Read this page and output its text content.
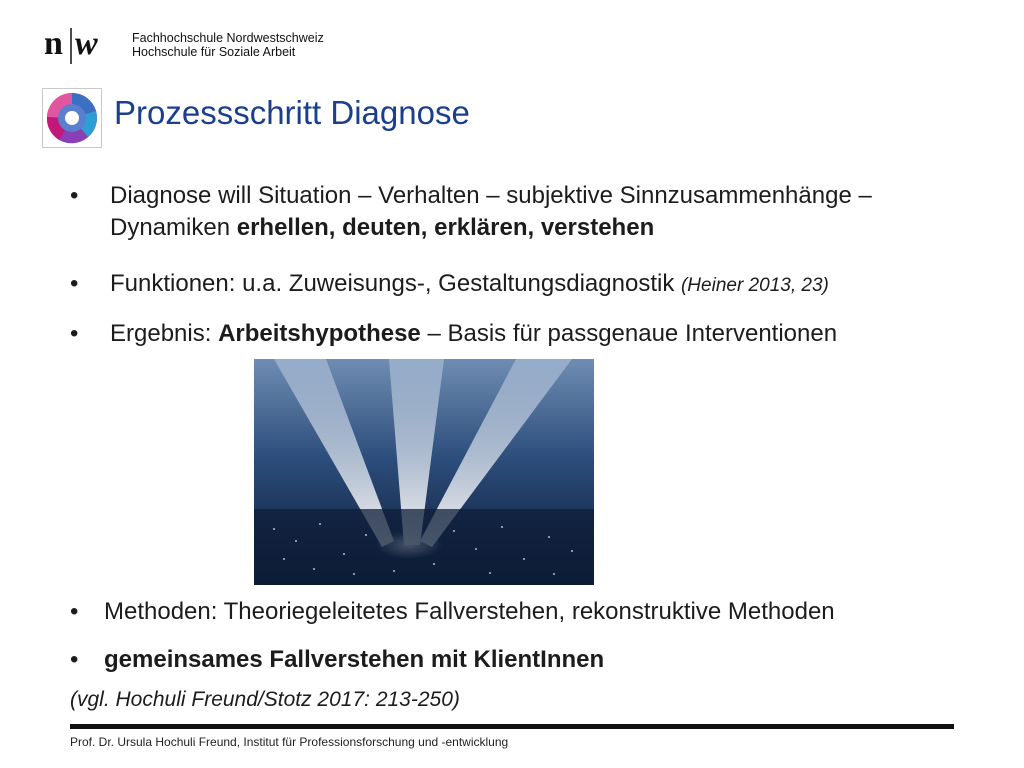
n w	Fachhochschule Nordwestschweiz
Hochschule für Soziale Arbeit
Prozessschritt Diagnose
• Diagnose will Situation – Verhalten – subjektive Sinnzusammenhänge –
Dynamiken erhellen, deuten, erklären, verstehen
• Funktionen: u.a. Zuweisungs-, Gestaltungsdiagnostik (Heiner 2013, 23)
• Ergebnis: Arbeitshypothese – Basis für passgenaue Interventionen
• Methoden: Theoriegeleitetes Fallverstehen, rekonstruktive Methoden
• gemeinsames Fallverstehen mit KlientInnen
(vgl. Hochuli Freund/Stotz 2017: 213-250)
Prof. Dr. Ursula Hochuli Freund, Institut für Professionsforschung und -entwicklung
